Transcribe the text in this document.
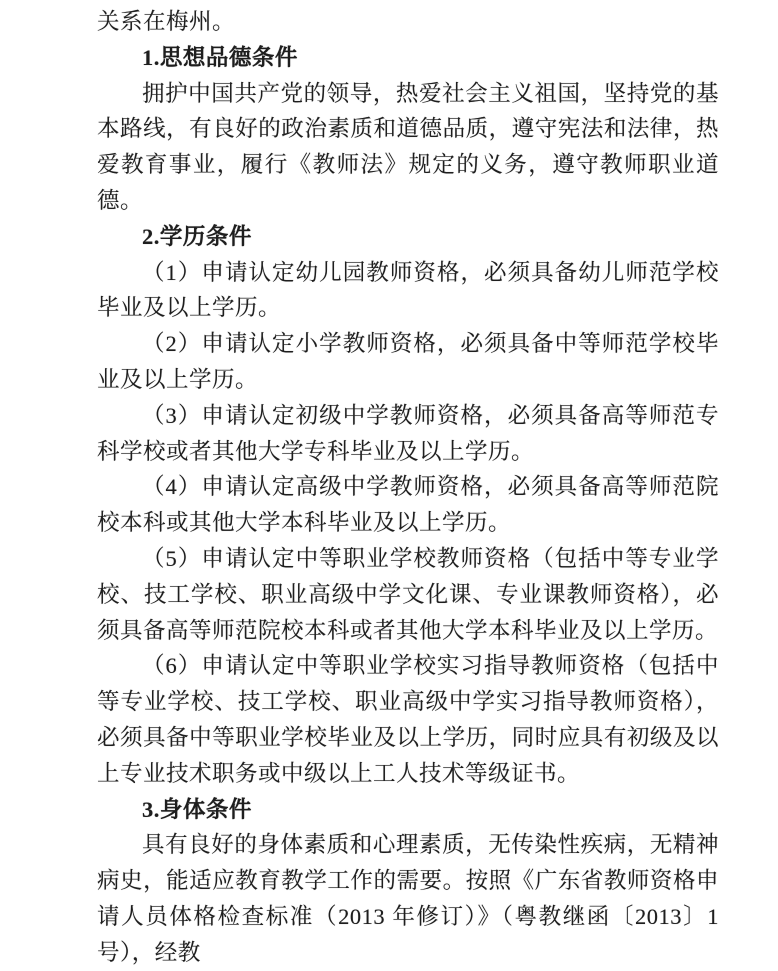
关系在梅州。

1.思想品德条件

拥护中国共产党的领导，热爱社会主义祖国，坚持党的基本路线，有良好的政治素质和道德品质，遵守宪法和法律，热爱教育事业，履行《教师法》规定的义务，遵守教师职业道德。

2.学历条件

（1）申请认定幼儿园教师资格，必须具备幼儿师范学校毕业及以上学历。

（2）申请认定小学教师资格，必须具备中等师范学校毕业及以上学历。

（3）申请认定初级中学教师资格，必须具备高等师范专科学校或者其他大学专科毕业及以上学历。

（4）申请认定高级中学教师资格，必须具备高等师范院校本科或其他大学本科毕业及以上学历。

（5）申请认定中等职业学校教师资格（包括中等专业学校、技工学校、职业高级中学文化课、专业课教师资格），必须具备高等师范院校本科或者其他大学本科毕业及以上学历。

（6）申请认定中等职业学校实习指导教师资格（包括中等专业学校、技工学校、职业高级中学实习指导教师资格），必须具备中等职业学校毕业及以上学历，同时应具有初级及以上专业技术职务或中级以上工人技术等级证书。

3.身体条件

具有良好的身体素质和心理素质，无传染性疾病，无精神病史，能适应教育教学工作的需要。按照《广东省教师资格申请人员体格检查标准（2013 年修订）》（粤教继函〔2013〕1 号），经教
